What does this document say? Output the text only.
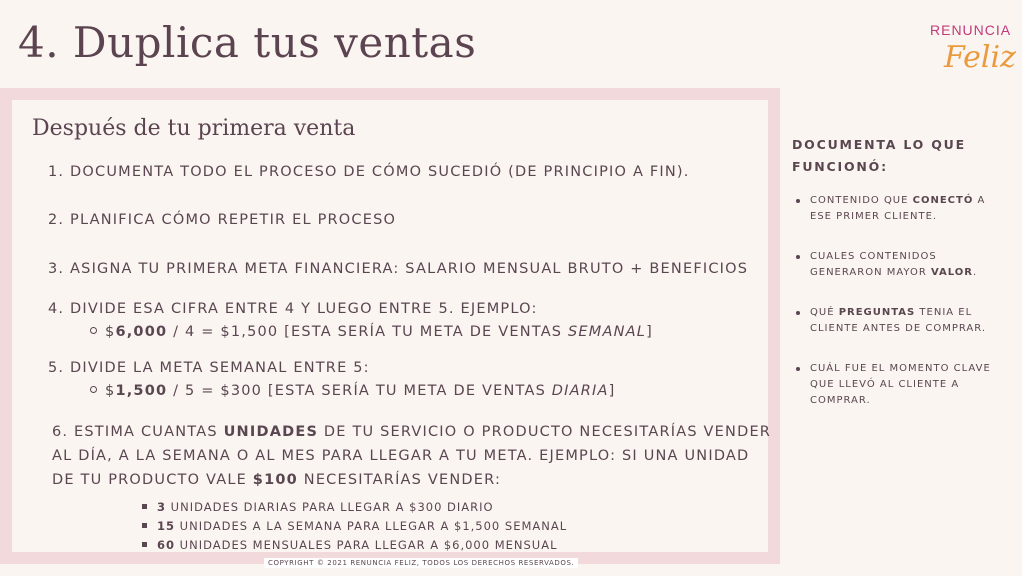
4. Duplica tus ventas	RENUNCIA
Feliz
Después de tu primera venta
1. DOCUMENTA TODO EL PROCESO DE CÓMO SUCEDIÓ (DE PRINCIPIO A FIN).
2. PLANIFICA CÓMO REPETIR EL PROCESO
3. ASIGNA TU PRIMERA META FINANCIERA: SALARIO MENSUAL BRUTO + BENEFICIOS
4. DIVIDE ESA CIFRA ENTRE 4 Y LUEGO ENTRE 5. EJEMPLO:
$6,000 / 4 = $1,500 [ESTA SERÍA TU META DE VENTAS SEMANAL]
5. DIVIDE LA META SEMANAL ENTRE 5:
$1,500 / 5 = $300 [ESTA SERÍA TU META DE VENTAS DIARIA]
6. ESTIMA CUANTAS UNIDADES DE TU SERVICIO O PRODUCTO NECESITARÍAS VENDER
AL DÍA, A LA SEMANA O AL MES PARA LLEGAR A TU META. EJEMPLO: SI UNA UNIDAD
DE TU PRODUCTO VALE $100 NECESITARÍAS VENDER:
3 UNIDADES DIARIAS PARA LLEGAR A $300 DIARIO
15 UNIDADES A LA SEMANA PARA LLEGAR A $1,500 SEMANAL
60 UNIDADES MENSUALES PARA LLEGAR A $6,000 MENSUAL
DOCUMENTA LO QUE FUNCIONÓ:
CONTENIDO QUE CONECTÓ A ESE PRIMER CLIENTE.
CUALES CONTENIDOS GENERARON MAYOR VALOR.
QUÉ PREGUNTAS TENIA EL CLIENTE ANTES DE COMPRAR.
CUÁL FUE EL MOMENTO CLAVE QUE LLEVÓ AL CLIENTE A COMPRAR.
COPYRIGHT © 2021 RENUNCIA FELIZ, TODOS LOS DERECHOS RESERVADOS.
